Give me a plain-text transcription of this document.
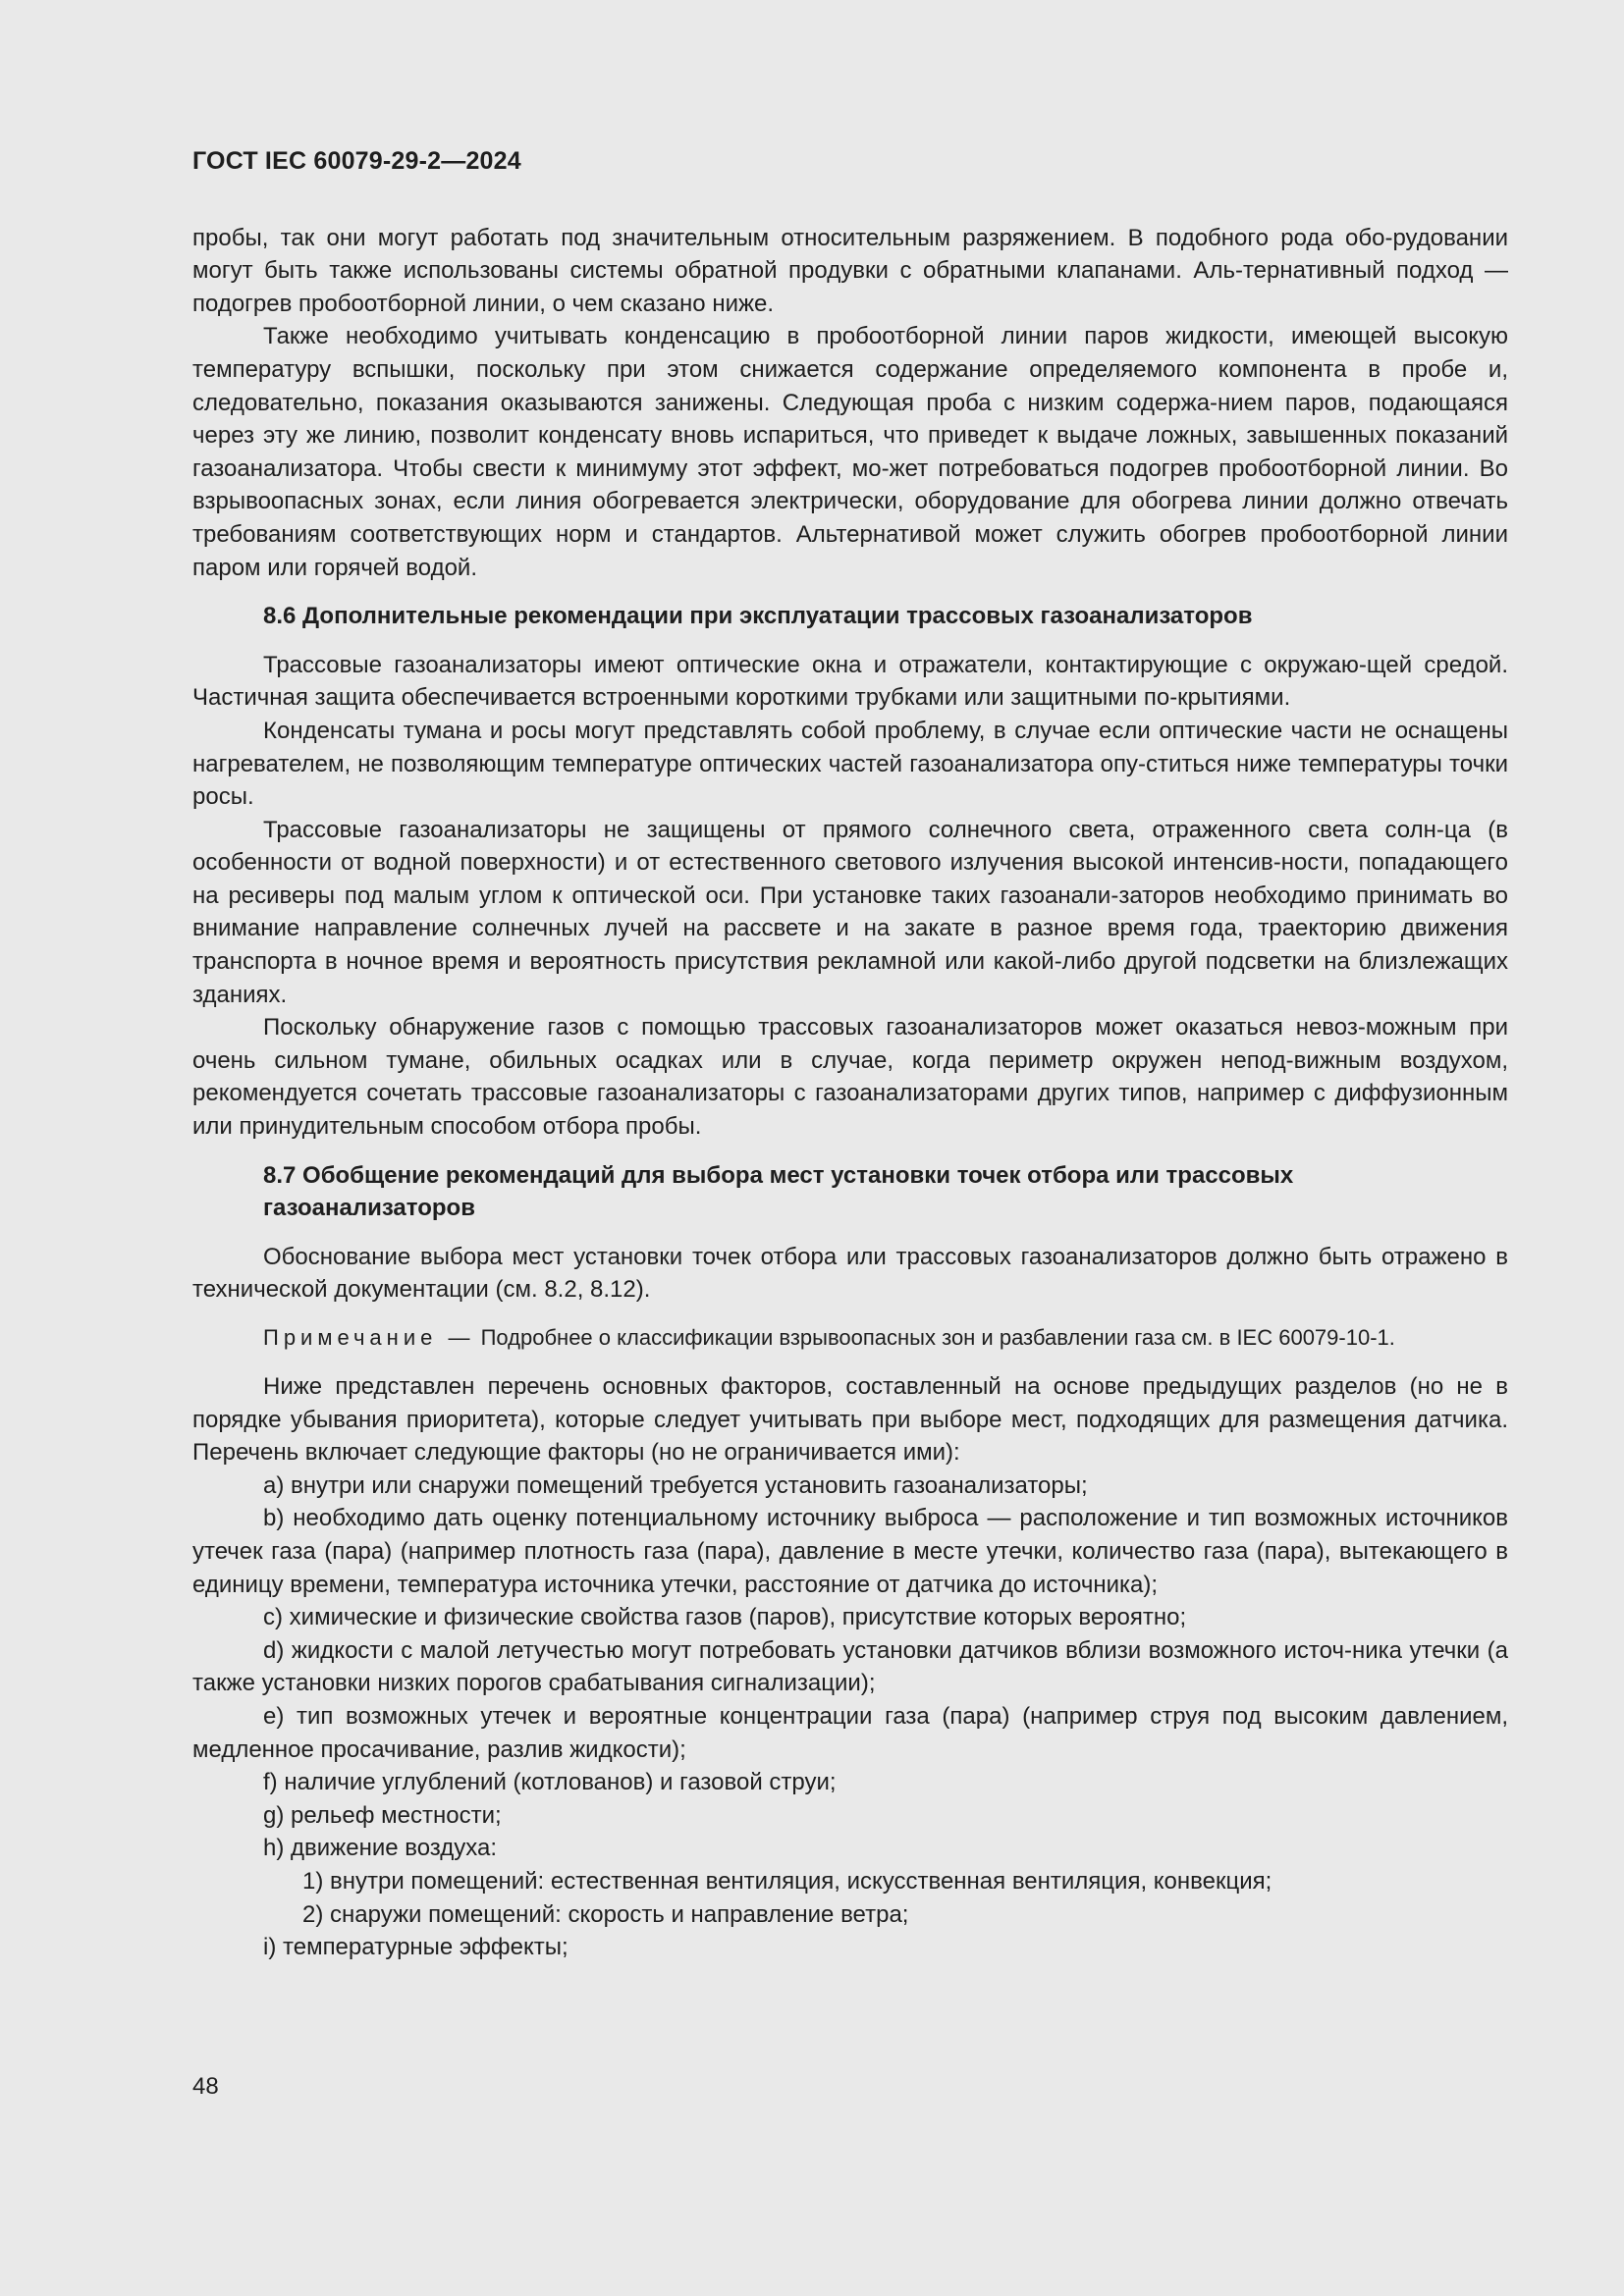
ГОСТ IEC 60079-29-2—2024

пробы, так они могут работать под значительным относительным разряжением. В подобного рода обо-рудовании могут быть также использованы системы обратной продувки с обратными клапанами. Аль-тернативный подход — подогрев пробоотборной линии, о чем сказано ниже.

Также необходимо учитывать конденсацию в пробоотборной линии паров жидкости, имеющей высокую температуру вспышки, поскольку при этом снижается содержание определяемого компонента в пробе и, следовательно, показания оказываются занижены. Следующая проба с низким содержа-нием паров, подающаяся через эту же линию, позволит конденсату вновь испариться, что приведет к выдаче ложных, завышенных показаний газоанализатора. Чтобы свести к минимуму этот эффект, мо-жет потребоваться подогрев пробоотборной линии. Во взрывоопасных зонах, если линия обогревается электрически, оборудование для обогрева линии должно отвечать требованиям соответствующих норм и стандартов. Альтернативой может служить обогрев пробоотборной линии паром или горячей водой.

8.6 Дополнительные рекомендации при эксплуатации трассовых газоанализаторов

Трассовые газоанализаторы имеют оптические окна и отражатели, контактирующие с окружаю-щей средой. Частичная защита обеспечивается встроенными короткими трубками или защитными по-крытиями.

Конденсаты тумана и росы могут представлять собой проблему, в случае если оптические части не оснащены нагревателем, не позволяющим температуре оптических частей газоанализатора опу-ститься ниже температуры точки росы.

Трассовые газоанализаторы не защищены от прямого солнечного света, отраженного света солн-ца (в особенности от водной поверхности) и от естественного светового излучения высокой интенсив-ности, попадающего на ресиверы под малым углом к оптической оси. При установке таких газоанали-заторов необходимо принимать во внимание направление солнечных лучей на рассвете и на закате в разное время года, траекторию движения транспорта в ночное время и вероятность присутствия рекламной или какой-либо другой подсветки на близлежащих зданиях.

Поскольку обнаружение газов с помощью трассовых газоанализаторов может оказаться невоз-можным при очень сильном тумане, обильных осадках или в случае, когда периметр окружен непод-вижным воздухом, рекомендуется сочетать трассовые газоанализаторы с газоанализаторами других типов, например с диффузионным или принудительным способом отбора пробы.

8.7 Обобщение рекомендаций для выбора мест установки точек отбора или трассовых
газоанализаторов

Обоснование выбора мест установки точек отбора или трассовых газоанализаторов должно быть отражено в технической документации (см. 8.2, 8.12).

Примечание — Подробнее о классификации взрывоопасных зон и разбавлении газа см. в IEC 60079-10-1.

Ниже представлен перечень основных факторов, составленный на основе предыдущих разделов (но не в порядке убывания приоритета), которые следует учитывать при выборе мест, подходящих для размещения датчика. Перечень включает следующие факторы (но не ограничивается ими):

a) внутри или снаружи помещений требуется установить газоанализаторы;

b) необходимо дать оценку потенциальному источнику выброса — расположение и тип возможных источников утечек газа (пара) (например плотность газа (пара), давление в месте утечки, количество газа (пара), вытекающего в единицу времени, температура источника утечки, расстояние от датчика до источника);

c) химические и физические свойства газов (паров), присутствие которых вероятно;

d) жидкости с малой летучестью могут потребовать установки датчиков вблизи возможного источ-ника утечки (а также установки низких порогов срабатывания сигнализации);

e) тип возможных утечек и вероятные концентрации газа (пара) (например струя под высоким давлением, медленное просачивание, разлив жидкости);

f) наличие углублений (котлованов) и газовой струи;

g) рельеф местности;

h) движение воздуха:

1) внутри помещений: естественная вентиляция, искусственная вентиляция, конвекция;

2) снаружи помещений: скорость и направление ветра;

i) температурные эффекты;

48
